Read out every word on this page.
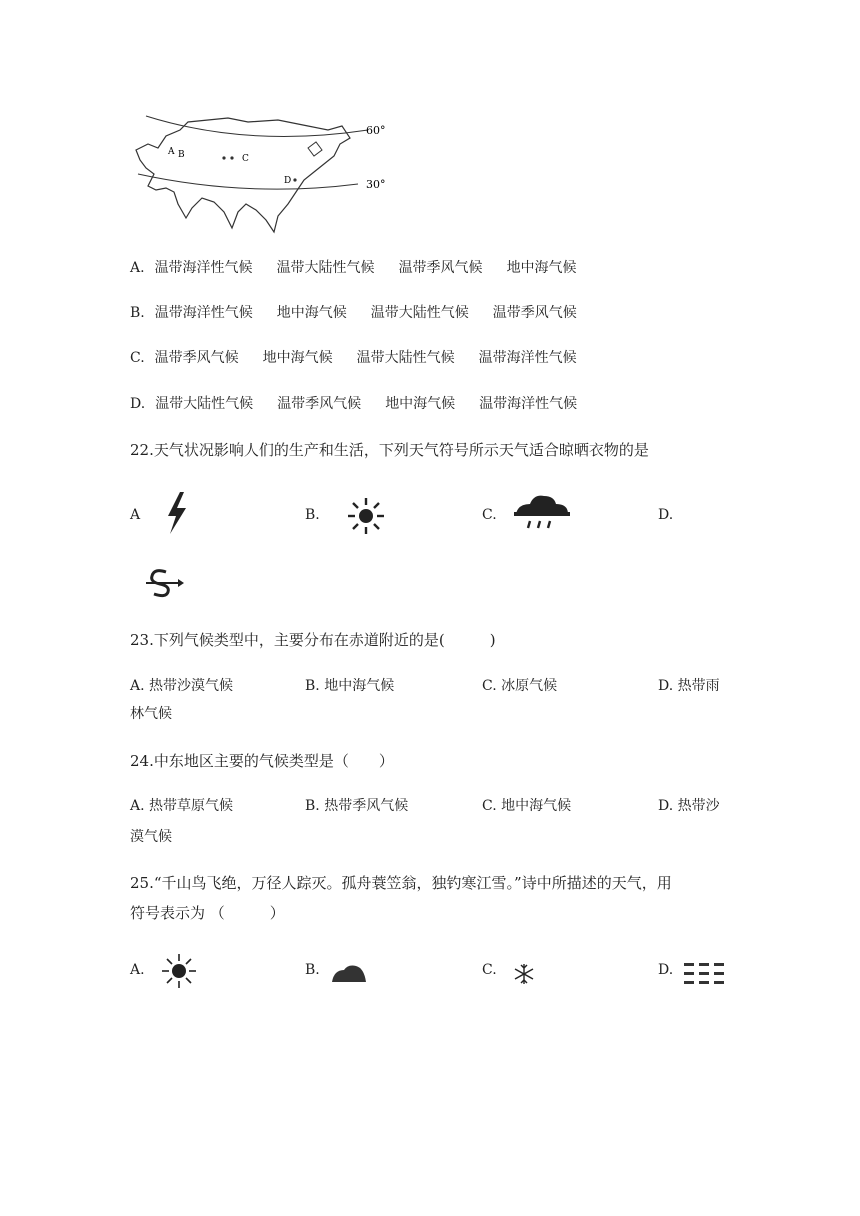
60°
30°
A B	C
D
A. 温带海洋性气候 温带大陆性气候 温带季风气候 地中海气候
B. 温带海洋性气候 地中海气候 温带大陆性气候 温带季风气候
C. 温带季风气候 地中海气候 温带大陆性气候 温带海洋性气候
D. 温带大陆性气候 温带季风气候 地中海气候 温带海洋性气候
22.天气状况影响人们的生产和生活，下列天气符号所示天气适合晾晒衣物的是
A	B.	C.	D.
23.下列气候类型中，主要分布在赤道附近的是(　　　)
A. 热带沙漠气候	B. 地中海气候	C. 冰原气候	D. 热带雨
林气候
24.中东地区主要的气候类型是（　　）
A. 热带草原气候	B. 热带季风气候	C. 地中海气候	D. 热带沙
漠气候
25.“千山鸟飞绝，万径人踪灭。孤舟蓑笠翁，独钓寒江雪。”诗中所描述的天气，用
符号表示为 （　　　）
A.	B.	C.	D.
